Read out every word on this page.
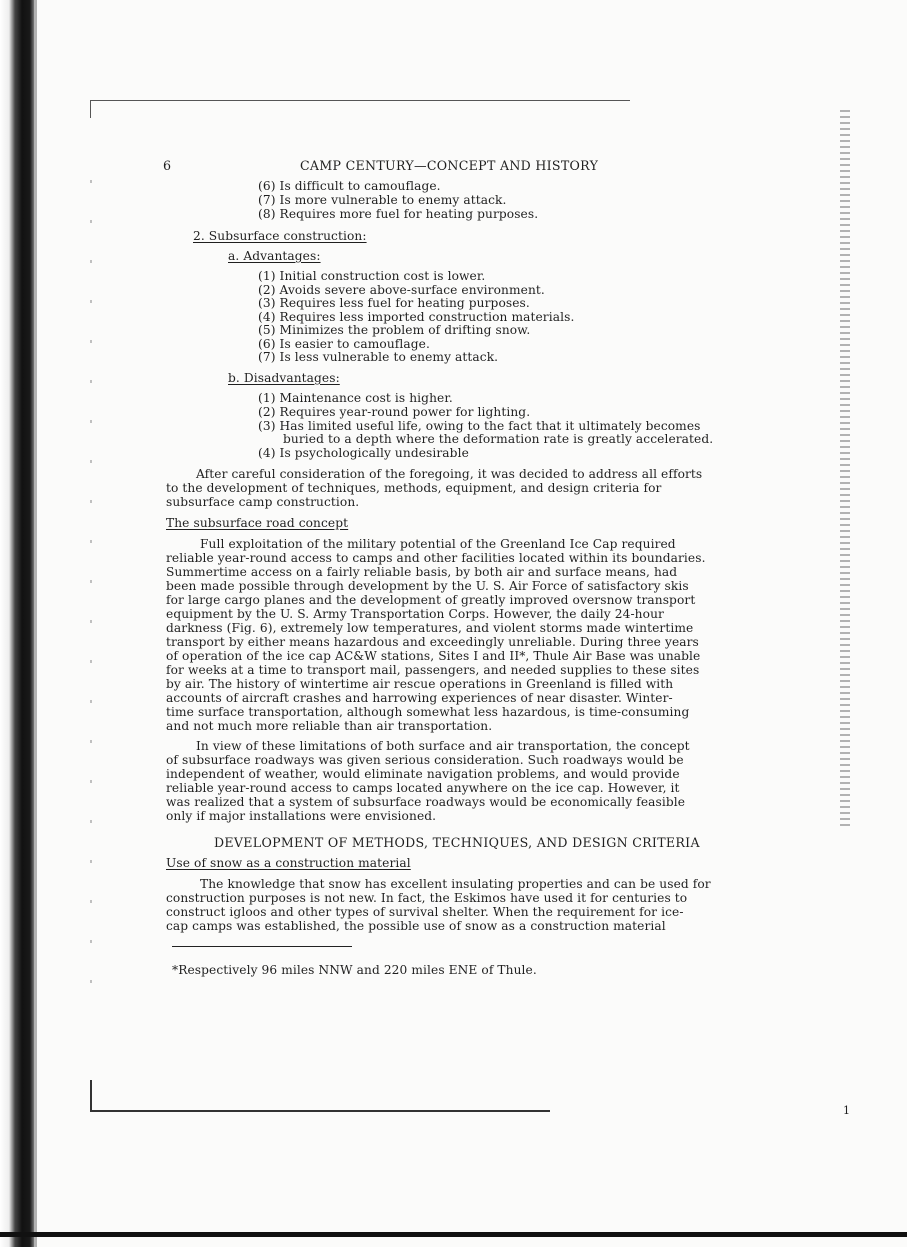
6	CAMP CENTURY—CONCEPT AND HISTORY
(6) Is difficult to camouflage.
(7) Is more vulnerable to enemy attack.
(8) Requires more fuel for heating purposes.
2. Subsurface construction:
a. Advantages:
(1) Initial construction cost is lower.
(2) Avoids severe above-surface environment.
(3) Requires less fuel for heating purposes.
(4) Requires less imported construction materials.
(5) Minimizes the problem of drifting snow.
(6) Is easier to camouflage.
(7) Is less vulnerable to enemy attack.
b. Disadvantages:
(1) Maintenance cost is higher.
(2) Requires year-round power for lighting.
(3) Has limited useful life, owing to the fact that it ultimately becomes
buried to a depth where the deformation rate is greatly accelerated.
(4) Is psychologically undesirable
After careful consideration of the foregoing, it was decided to address all efforts
to the development of techniques, methods, equipment, and design criteria for
subsurface camp construction.
The subsurface road concept
Full exploitation of the military potential of the Greenland Ice Cap required
reliable year-round access to camps and other facilities located within its boundaries.
Summertime access on a fairly reliable basis, by both air and surface means, had
been made possible through development by the U. S. Air Force of satisfactory skis
for large cargo planes and the development of greatly improved oversnow transport
equipment by the U. S. Army Transportation Corps. However, the daily 24-hour
darkness (Fig. 6), extremely low temperatures, and violent storms made wintertime
transport by either means hazardous and exceedingly unreliable. During three years
of operation of the ice cap AC&W stations, Sites I and II*, Thule Air Base was unable
for weeks at a time to transport mail, passengers, and needed supplies to these sites
by air. The history of wintertime air rescue operations in Greenland is filled with
accounts of aircraft crashes and harrowing experiences of near disaster. Winter-
time surface transportation, although somewhat less hazardous, is time-consuming
and not much more reliable than air transportation.
In view of these limitations of both surface and air transportation, the concept
of subsurface roadways was given serious consideration. Such roadways would be
independent of weather, would eliminate navigation problems, and would provide
reliable year-round access to camps located anywhere on the ice cap. However, it
was realized that a system of subsurface roadways would be economically feasible
only if major installations were envisioned.
DEVELOPMENT OF METHODS, TECHNIQUES, AND DESIGN CRITERIA
Use of snow as a construction material
The knowledge that snow has excellent insulating properties and can be used for
construction purposes is not new. In fact, the Eskimos have used it for centuries to
construct igloos and other types of survival shelter. When the requirement for ice-
cap camps was established, the possible use of snow as a construction material
*Respectively 96 miles NNW and 220 miles ENE of Thule.
1
